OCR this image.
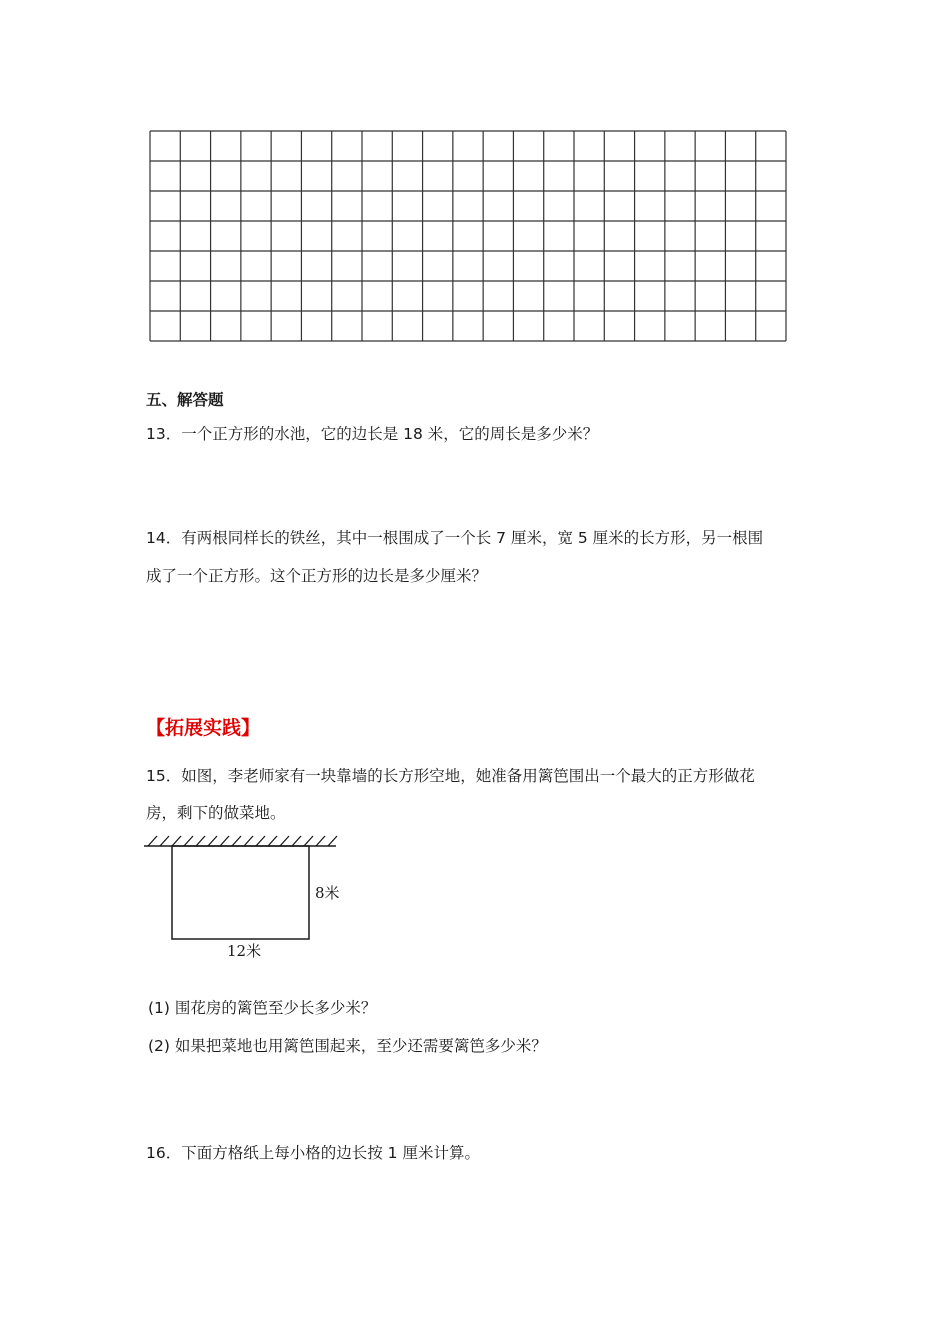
五、解答题
13．一个正方形的水池，它的边长是 18 米，它的周长是多少米？
14．有两根同样长的铁丝，其中一根围成了一个长 7 厘米，宽 5 厘米的长方形，另一根围
成了一个正方形。这个正方形的边长是多少厘米？
【拓展实践】
15．如图，李老师家有一块靠墙的长方形空地，她准备用篱笆围出一个最大的正方形做花
房，剩下的做菜地。
8米
12米
(1) 围花房的篱笆至少长多少米？
(2) 如果把菜地也用篱笆围起来，至少还需要篱笆多少米？
16．下面方格纸上每小格的边长按 1 厘米计算。
